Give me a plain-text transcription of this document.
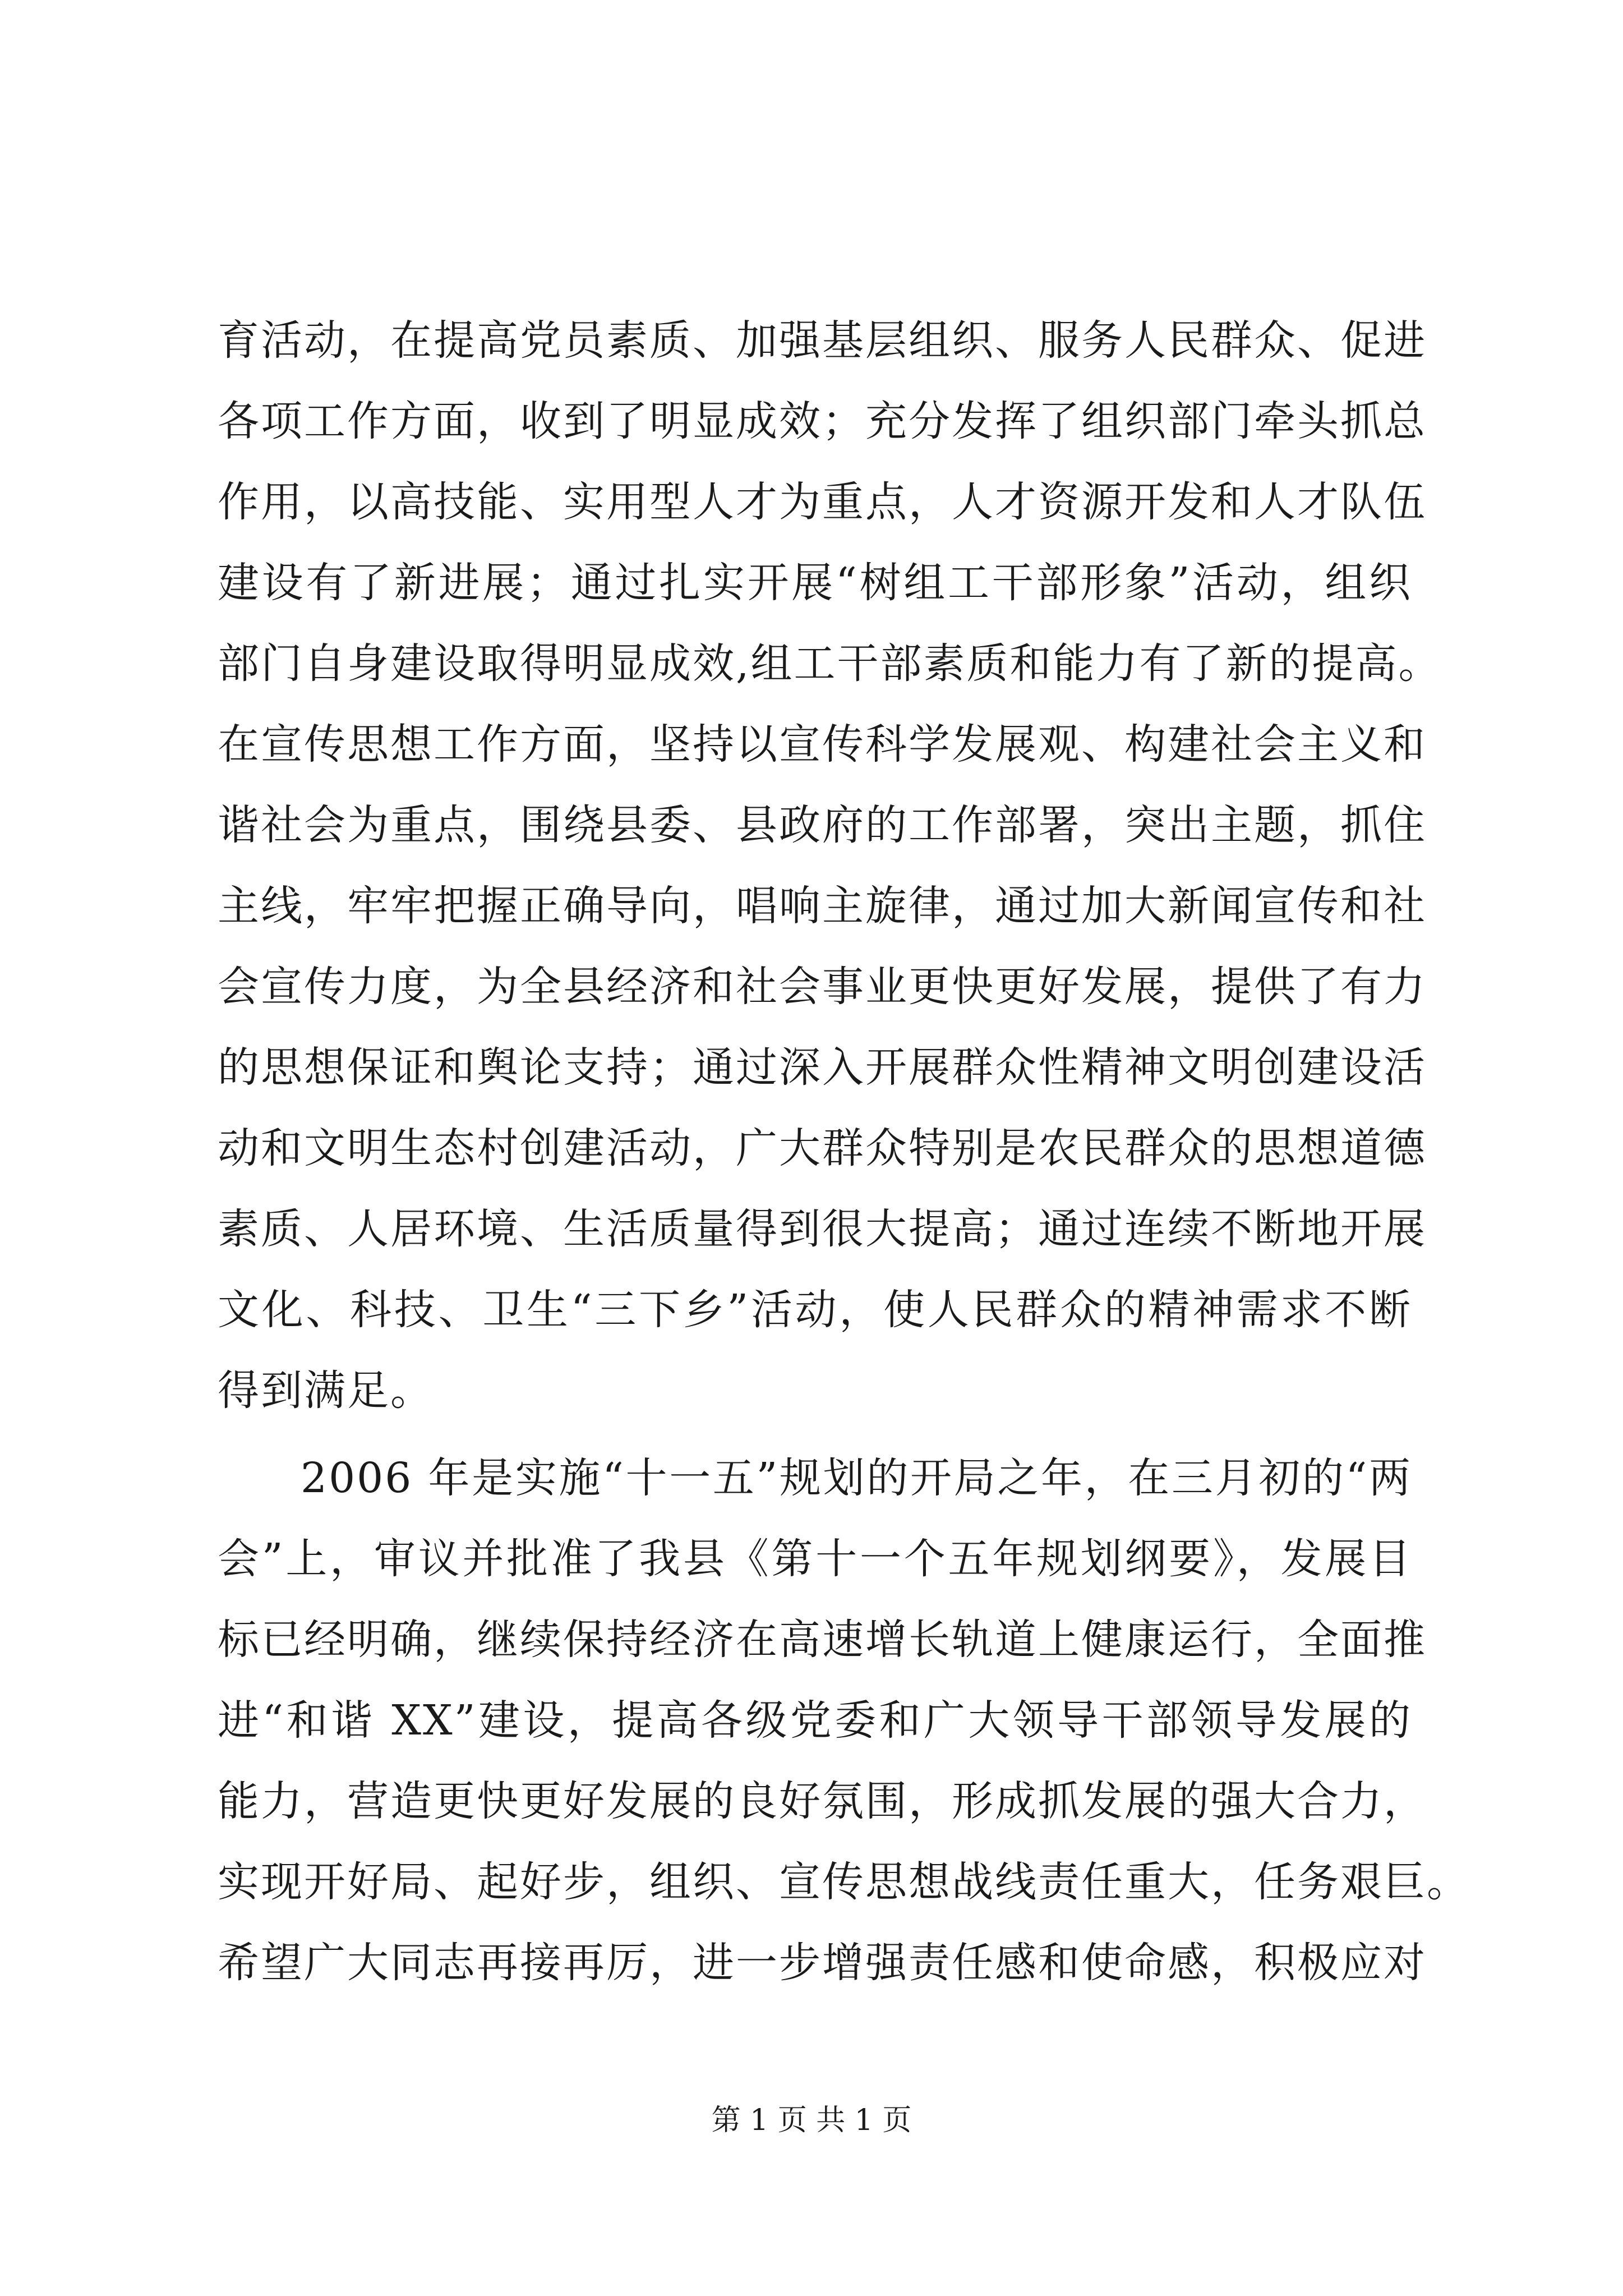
育活动，在提高党员素质、加强基层组织、服务人民群众、促进
各项工作方面，收到了明显成效；充分发挥了组织部门牵头抓总
作用，以高技能、实用型人才为重点，人才资源开发和人才队伍
建设有了新进展；通过扎实开展“树组工干部形象”活动，组织
部门自身建设取得明显成效,组工干部素质和能力有了新的提高。
在宣传思想工作方面，坚持以宣传科学发展观、构建社会主义和
谐社会为重点，围绕县委、县政府的工作部署，突出主题，抓住
主线，牢牢把握正确导向，唱响主旋律，通过加大新闻宣传和社
会宣传力度，为全县经济和社会事业更快更好发展，提供了有力
的思想保证和舆论支持；通过深入开展群众性精神文明创建设活
动和文明生态村创建活动，广大群众特别是农民群众的思想道德
素质、人居环境、生活质量得到很大提高；通过连续不断地开展
文化、科技、卫生“三下乡”活动，使人民群众的精神需求不断
得到满足。
2006 年是实施“十一五”规划的开局之年，在三月初的“两
会”上，审议并批准了我县《第十一个五年规划纲要》，发展目
标已经明确，继续保持经济在高速增长轨道上健康运行，全面推
进“和谐 XX”建设，提高各级党委和广大领导干部领导发展的
能力，营造更快更好发展的良好氛围，形成抓发展的强大合力，
实现开好局、起好步，组织、宣传思想战线责任重大，任务艰巨。
希望广大同志再接再厉，进一步增强责任感和使命感，积极应对
第 1 页 共 1 页
